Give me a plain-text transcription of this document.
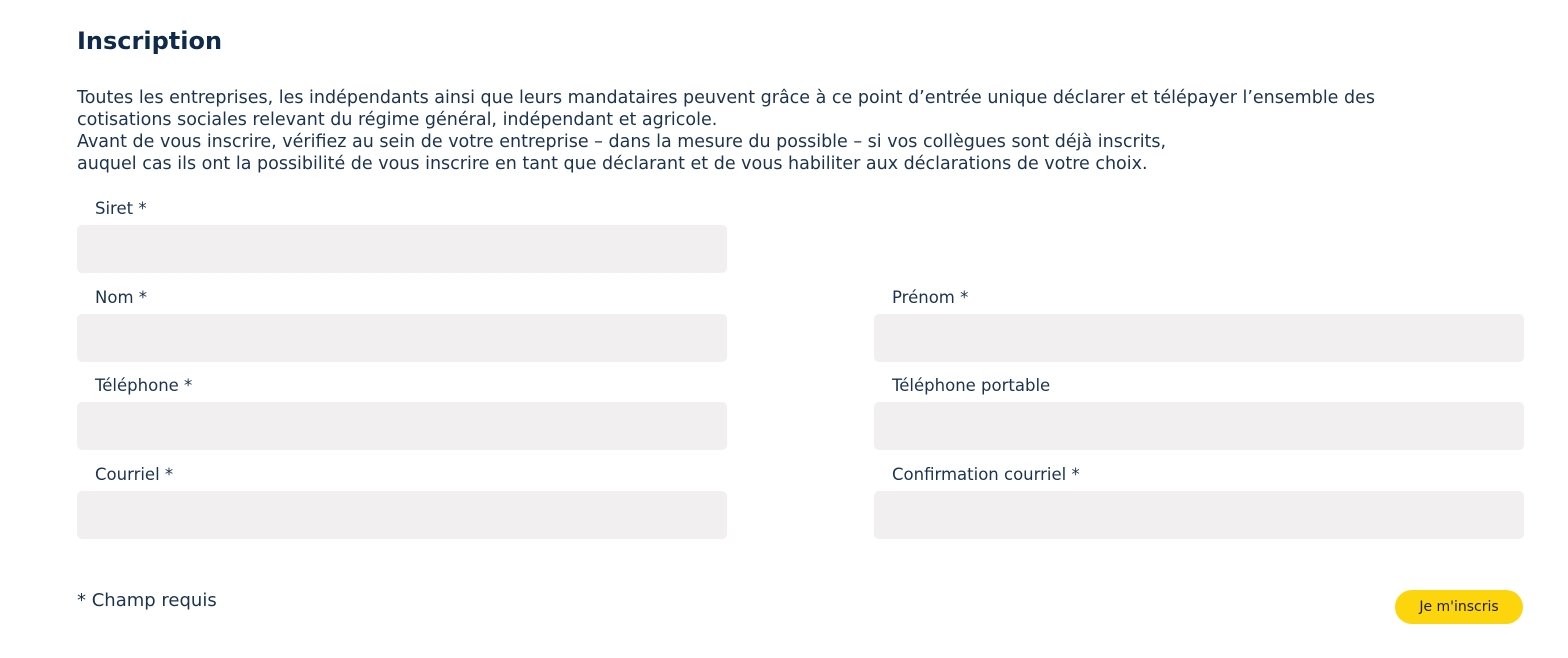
Inscription

Toutes les entreprises, les indépendants ainsi que leurs mandataires peuvent grâce à ce point d’entrée unique déclarer et télépayer l’ensemble des

cotisations sociales relevant du régime général, indépendant et agricole.

Avant de vous inscrire, vérifiez au sein de votre entreprise – dans la mesure du possible – si vos collègues sont déjà inscrits,

auquel cas ils ont la possibilité de vous inscrire en tant que déclarant et de vous habiliter aux déclarations de votre choix.

Siret *
Nom *	Prénom *
Téléphone *	Téléphone portable
Courriel *	Confirmation courriel *
* Champ requis	Je m'inscris
